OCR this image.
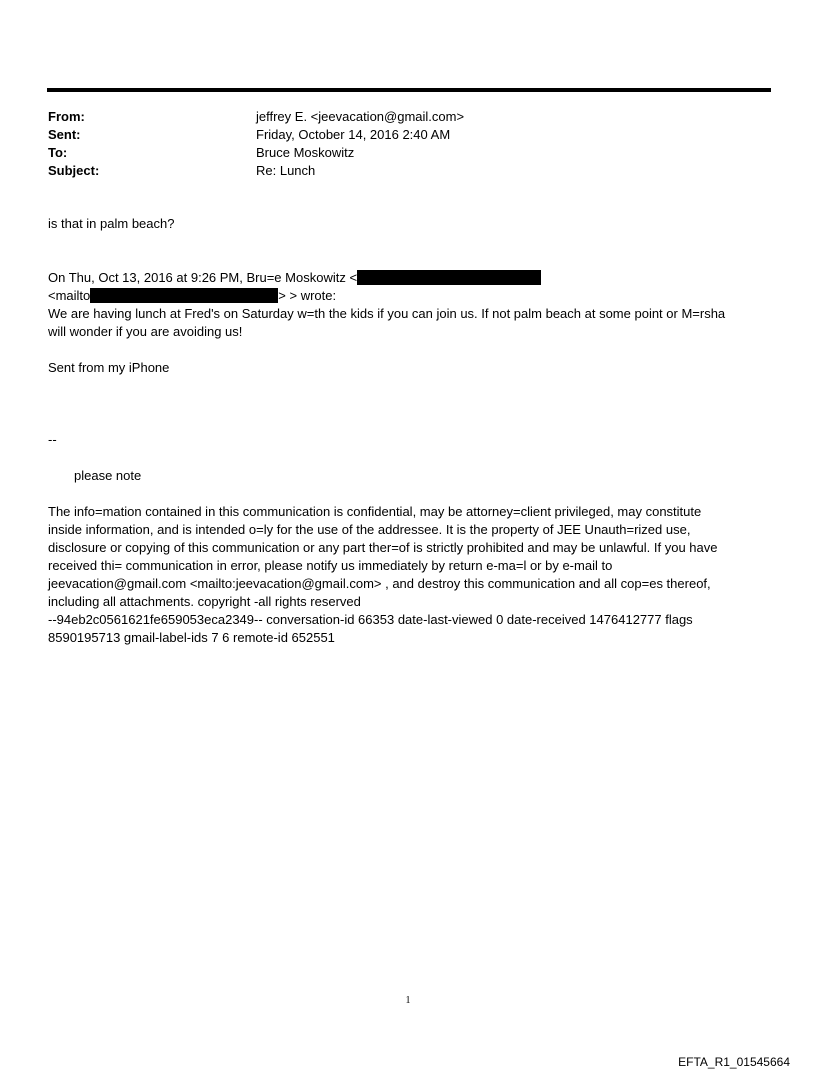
From:	jeffrey E. <jeevacation@gmail.com>
Sent:	Friday, October 14, 2016 2:40 AM
To:	Bruce Moskowitz
Subject:	Re: Lunch
is that in palm beach?
On Thu, Oct 13, 2016 at 9:26 PM, Bru=e Moskowitz <
<mailto	> > wrote:
We are having lunch at Fred's on Saturday w=th the kids if you can join us. If not palm beach at some point or M=rsha
will wonder if you are avoiding us!
Sent from my iPhone
--
please note
The info=mation contained in this communication is confidential, may be attorney=client privileged, may constitute
inside information, and is intended o=ly for the use of the addressee. It is the property of JEE Unauth=rized use,
disclosure or copying of this communication or any part ther=of is strictly prohibited and may be unlawful. If you have
received thi= communication in error, please notify us immediately by return e-ma=l or by e-mail to
jeevacation@gmail.com <mailto:jeevacation@gmail.com> , and destroy this communication and all cop=es thereof,
including all attachments. copyright -all rights reserved
--94eb2c0561621fe659053eca2349-- conversation-id 66353 date-last-viewed 0 date-received 1476412777 flags
8590195713 gmail-label-ids 7 6 remote-id 652551
1
EFTA_R1_01545664
